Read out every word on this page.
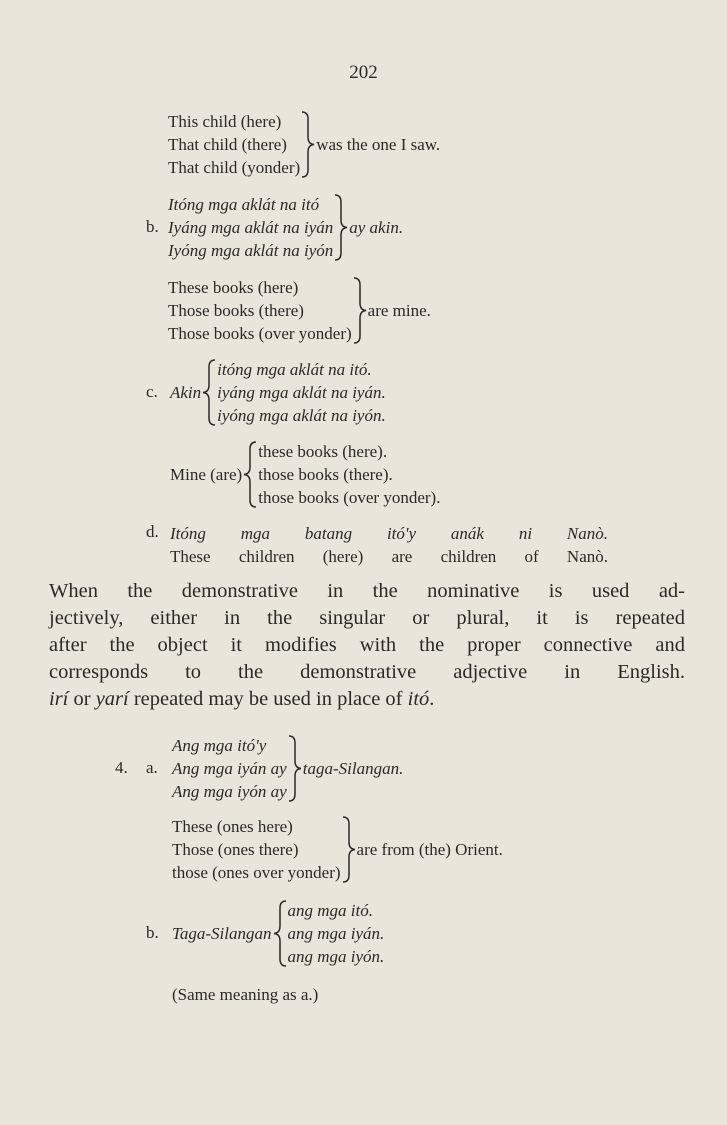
202
This child (here)
That child (there)
That child (yonder)
was the one I saw.
b.
Itóng mga aklát na itó
Iyáng mga aklát na iyán
Iyóng mga aklát na iyón
ay akin.
These books (here)
Those books (there)
Those books (over yonder)
are mine.
c. Akin
itóng mga aklát na itó.
iyáng mga aklát na iyán.
iyóng mga aklát na iyón.
Mine (are)
these books (here).
those books (there).
those books (over yonder).
d. Itóng mga batang itó'y anák ni Nanò.
These children (here) are children of Nanò.
When the demonstrative in the nominative is used ad-
jectively, either in the singular or plural, it is repeated
after the object it modifies with the proper connective and
corresponds to the demonstrative adjective in English.
irí or yarí repeated may be used in place of itó.
4. a.
Ang mga itó'y
Ang mga iyán ay
Ang mga iyón ay
taga-Silangan.
These (ones here)
Those (ones there)
those (ones over yonder)
are from (the) Orient.
b. Taga-Silangan
ang mga itó.
ang mga iyán.
ang mga iyón.
(Same meaning as a.)
